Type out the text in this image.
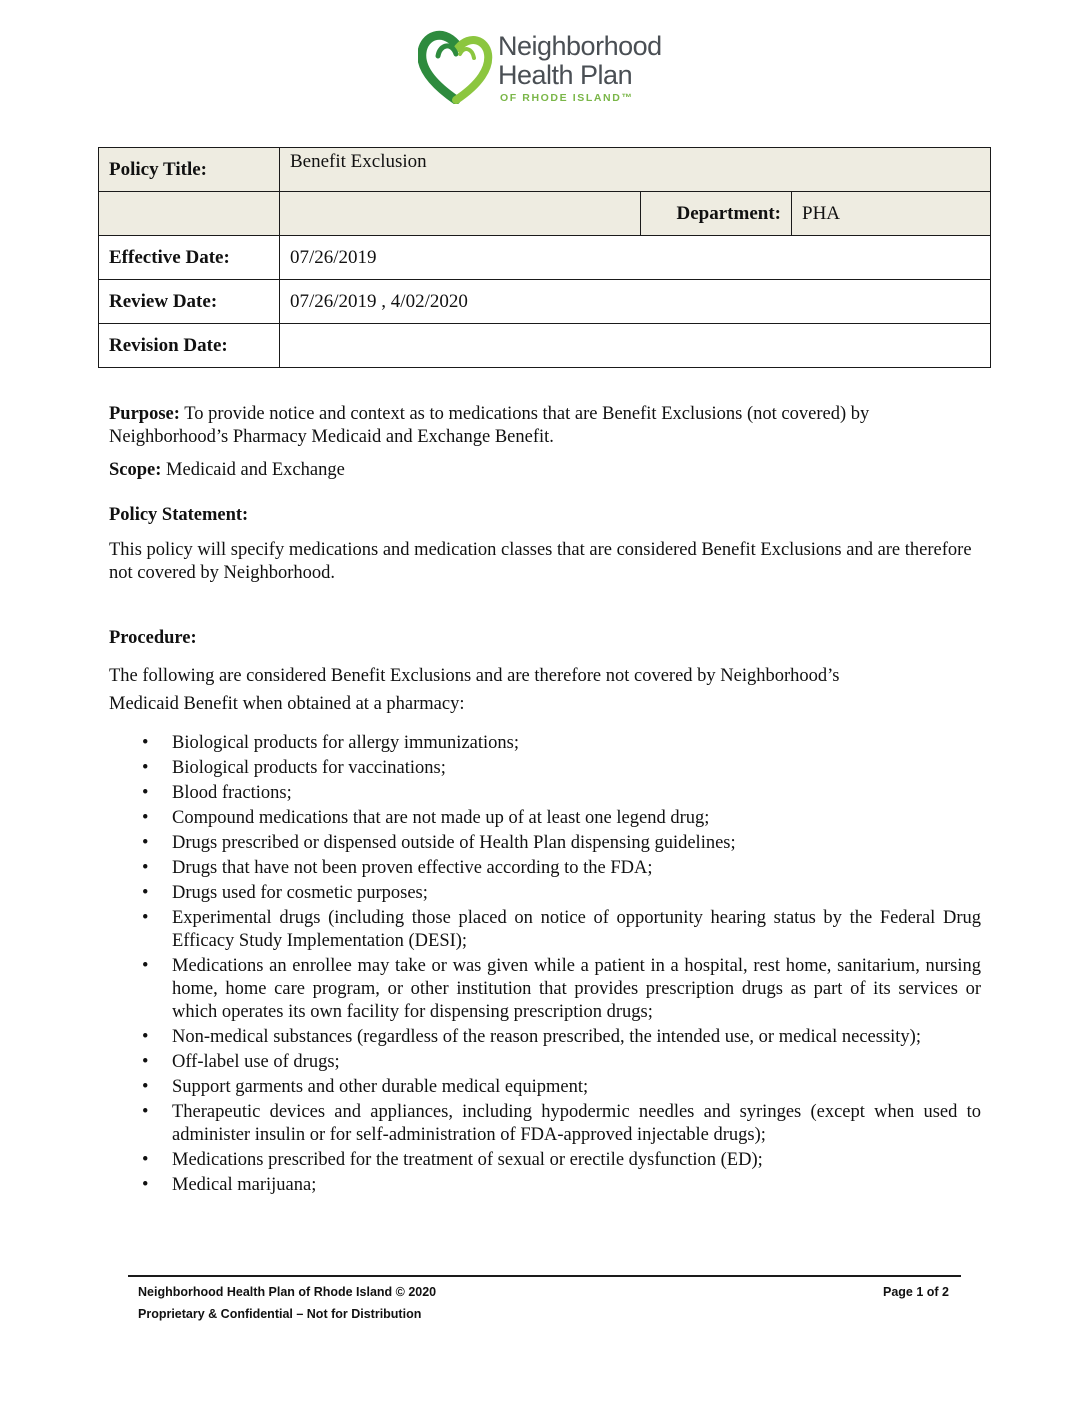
Neighborhood
Health Plan
OF RHODE ISLAND™
Policy Title:	Benefit Exclusion		
		Department:	PHA
Effective Date:	07/26/2019		
Review Date:	07/26/2019 , 4/02/2020		
Revision Date:			

Purpose: To provide notice and context as to medications that are Benefit Exclusions (not covered) by Neighborhood’s Pharmacy Medicaid and Exchange Benefit.

Scope: Medicaid and Exchange

Policy Statement:

This policy will specify medications and medication classes that are considered Benefit Exclusions and are therefore not covered by Neighborhood.

Procedure:

The following are considered Benefit Exclusions and are therefore not covered by Neighborhood’s
Medicaid Benefit when obtained at a pharmacy:

• Biological products for allergy immunizations;
• Biological products for vaccinations;
• Blood fractions;
• Compound medications that are not made up of at least one legend drug;
• Drugs prescribed or dispensed outside of Health Plan dispensing guidelines;
• Drugs that have not been proven effective according to the FDA;
• Drugs used for cosmetic purposes;
• Experimental drugs (including those placed on notice of opportunity hearing status by the Federal Drug Efficacy Study Implementation (DESI);
• Medications an enrollee may take or was given while a patient in a hospital, rest home, sanitarium, nursing home, home care program, or other institution that provides prescription drugs as part of its services or which operates its own facility for dispensing prescription drugs;
• Non-medical substances (regardless of the reason prescribed, the intended use, or medical necessity);
• Off-label use of drugs;
• Support garments and other durable medical equipment;
• Therapeutic devices and appliances, including hypodermic needles and syringes (except when used to administer insulin or for self-administration of FDA-approved injectable drugs);
• Medications prescribed for the treatment of sexual or erectile dysfunction (ED);
• Medical marijuana;
Neighborhood Health Plan of Rhode Island © 2020
Proprietary & Confidential – Not for Distribution
Page 1 of 2
